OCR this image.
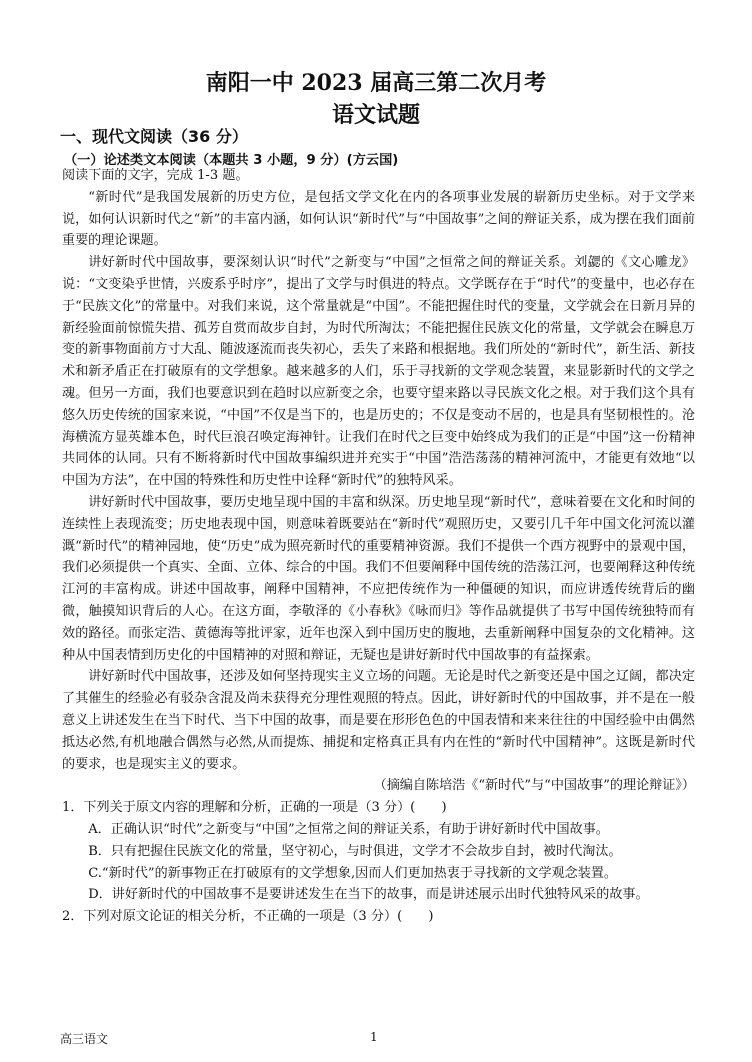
南阳一中 2023 届高三第二次月考
语文试题
一、现代文阅读（36 分）
（一）论述类文本阅读（本题共 3 小题，9 分）(方云国)

阅读下面的文字，完成 1-3 题。

“新时代”是我国发展新的历史方位，是包括文学文化在内的各项事业发展的崭新历史坐标。对于文学来说，如何认识新时代之“新”的丰富内涵，如何认识“新时代”与“中国故事”之间的辩证关系，成为摆在我们面前重要的理论课题。

讲好新时代中国故事，要深刻认识“时代”之新变与“中国”之恒常之间的辩证关系。刘勰的《文心雕龙》说：“文变染乎世情，兴废系乎时序”，提出了文学与时俱进的特点。文学既存在于“时代”的变量中，也必存在于“民族文化”的常量中。对我们来说，这个常量就是“中国”。不能把握住时代的变量，文学就会在日新月异的新经验面前惊慌失措、孤芳自赏而故步自封，为时代所淘汰；不能把握住民族文化的常量，文学就会在瞬息万变的新事物面前方寸大乱、随波逐流而丧失初心，丢失了来路和根据地。我们所处的“新时代”，新生活、新技术和新矛盾正在打破原有的文学想象。越来越多的人们，乐于寻找新的文学观念装置，来显影新时代的文学之魂。但另一方面，我们也要意识到在趋时以应新变之余，也要守望来路以寻民族文化之根。对于我们这个具有悠久历史传统的国家来说，“中国”不仅是当下的，也是历史的；不仅是变动不居的，也是具有坚韧根性的。沧海横流方显英雄本色，时代巨浪召唤定海神针。让我们在时代之巨变中始终成为我们的正是“中国”这一份精神共同体的认同。只有不断将新时代中国故事编织进并充实于“中国”浩浩荡荡的精神河流中，才能更有效地“以中国为方法”，在中国的特殊性和历史性中诠释“新时代”的独特风采。

讲好新时代中国故事，要历史地呈现中国的丰富和纵深。历史地呈现“新时代”，意味着要在文化和时间的连续性上表现流变；历史地表现中国，则意味着既要站在“新时代”观照历史，又要引几千年中国文化河流以灌溉“新时代”的精神园地，使“历史”成为照亮新时代的重要精神资源。我们不提供一个西方视野中的景观中国，我们必须提供一个真实、全面、立体、综合的中国。我们不但要阐释中国传统的浩荡江河，也要阐释这种传统江河的丰富构成。讲述中国故事，阐释中国精神，不应把传统作为一种僵硬的知识，而应讲透传统背后的幽微，触摸知识背后的人心。在这方面，李敬泽的《小春秋》《咏而归》等作品就提供了书写中国传统独特而有效的路径。而张定浩、黄德海等批评家，近年也深入到中国历史的腹地，去重新阐释中国复杂的文化精神。这种从中国表情到历史化的中国精神的对照和辩证，无疑也是讲好新时代中国故事的有益探索。

讲好新时代中国故事，还涉及如何坚持现实主义立场的问题。无论是时代之新变还是中国之辽阔，都决定了其催生的经验必有驳杂含混及尚未获得充分理性观照的特点。因此，讲好新时代的中国故事，并不是在一般意义上讲述发生在当下时代、当下中国的故事，而是要在形形色色的中国表情和来来往往的中国经验中由偶然抵达必然,有机地融合偶然与必然,从而提炼、捕捉和定格真正具有内在性的“新时代中国精神”。这既是新时代的要求，也是现实主义的要求。

（摘编自陈培浩《“新时代”与“中国故事”的理论辩证》）

1．下列关于原文内容的理解和分析，正确的一项是（3 分）(　　)

A．正确认识“时代”之新变与“中国”之恒常之间的辩证关系，有助于讲好新时代中国故事。

B．只有把握住民族文化的常量，坚守初心，与时俱进，文学才不会故步自封，被时代淘汰。

C.“新时代”的新事物正在打破原有的文学想象,因而人们更加热衷于寻找新的文学观念装置。

D．讲好新时代的中国故事不是要讲述发生在当下的故事，而是讲述展示出时代独特风采的故事。

2．下列对原文论证的相关分析，不正确的一项是（3 分）(　　)

高三语文	1
